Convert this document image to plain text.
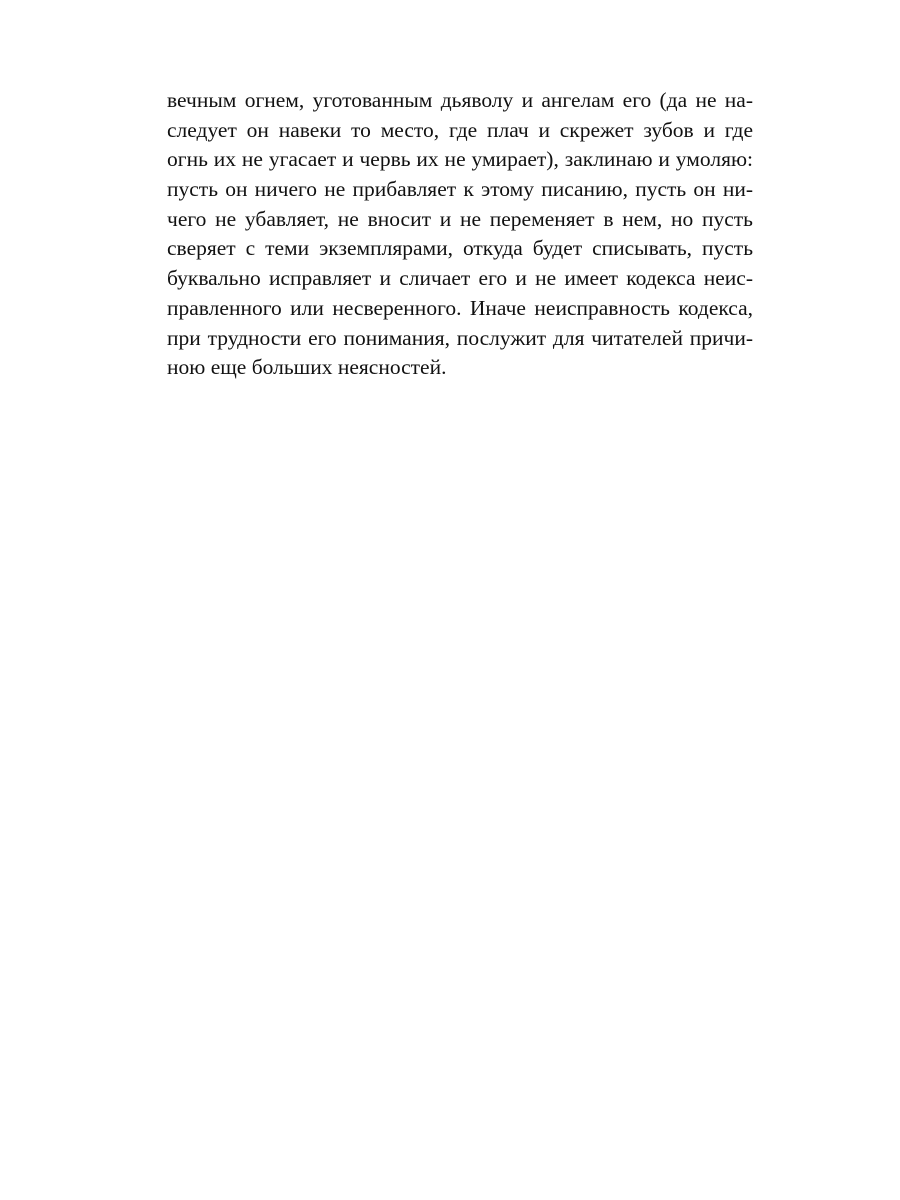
вечным огнем, уготованным дьяволу и ангелам его (да не на-
следует он навеки то место, где плач и скрежет зубов и где
огнь их не угасает и червь их не умирает), заклинаю и умоляю:
пусть он ничего не прибавляет к этому писанию, пусть он ни-
чего не убавляет, не вносит и не переменяет в нем, но пусть
сверяет с теми экземплярами, откуда будет списывать, пусть
буквально исправляет и сличает его и не имеет кодекса неис-
правленного или несверенного. Иначе неисправность кодекса,
при трудности его понимания, послужит для читателей причи-
ною еще больших неясностей.
